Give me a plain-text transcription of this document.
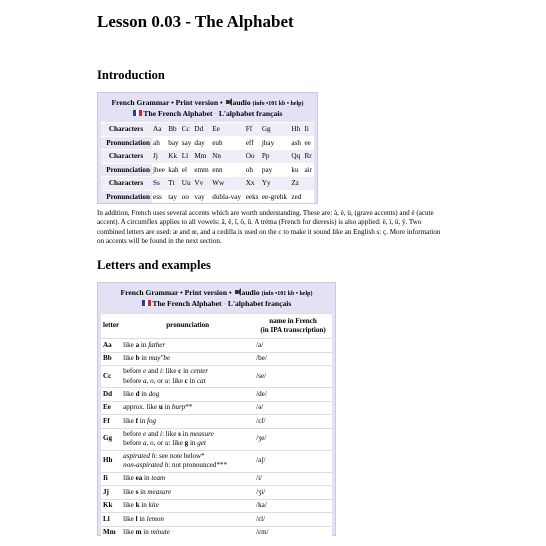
Lesson 0.03 - The Alphabet
Introduction
French Grammar • Print version • audio (info •101 kb • help)
The French Alphabet · L'alphabet français
Characters	Aa	Bb	Cc	Dd	Ee	Ff	Gg	Hh	Ii
Pronunciation	ah	bay	say	day	euh	eff	jhay	ash	ee
Characters	Jj	Kk	Ll	Mm	Nn	Oo	Pp	Qq	Rr
Pronunciation	jhee	kah	el	emm	enn	oh	pay	ku	air
Characters	Ss	Tt	Uu	Vv	Ww	Xx	Yy	Zz	
Pronunciation	ess	tay	oo	vay	dubla-vay	eeks	ee-grehk	zed	

In addition, French uses several accents which are worth understanding. These are: à, è, ù, (grave accents) and é (acute accent). A circumflex applies to all vowels: â, ê, î, ô, û. A tréma (French for dieresis) is also applied: ë, ï, ü, ÿ. Two combined letters are used: æ and œ, and a cedilla is used on the c to make it sound like an English s: ç. More information on accents will be found in the next section.

Letters and examples
French Grammar • Print version • audio (info •101 kb • help)
The French Alphabet · L'alphabet français
letter	pronunciation	name in French
(in IPA transcription)
Aa	like a in father	/a/
Bb	like b in may"be	/be/
Cc	before e and i: like c in center
before a, o, or u: like c in cat	/se/
Dd	like d in dog	/de/
Ee	approx. like u in burp**	/ə/
Ff	like f in fog	/ɛf/
Gg	before e and i: like s in measure
before a, o, or u: like g in get	/ʒe/
Hh	aspirated h: see note below*
non-aspirated h: not pronounced***	/aʃ/
Ii	like ea in team	/i/
Jj	like s in measure	/ʒi/
Kk	like k in kite	/ka/
Ll	like l in lemon	/ɛl/
Mm	like m in minute	/ɛm/
